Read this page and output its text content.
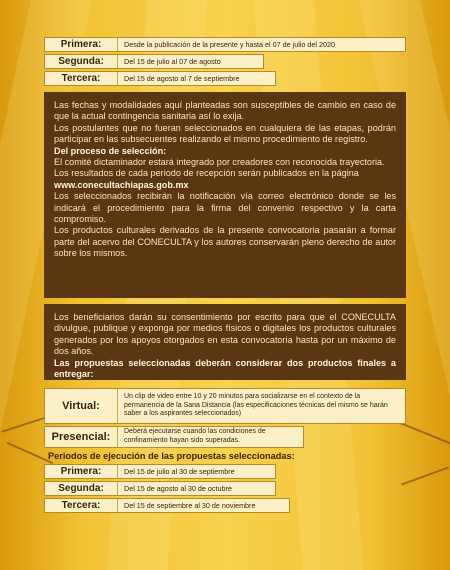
Primera:	Desde la publicación de la presente y hasta el 07 de julio del 2020
Segunda:	Del 15 de julio al 07 de agosto
Tercera:	Del 15 de agosto al 7 de septiembre

Las fechas y modalidades aquí planteadas son susceptibles de cambio en caso de que la actual contingencia sanitaria así lo exija.

Los postulantes que no fueran seleccionados en cualquiera de las etapas, podrán participar en las subsecuentes realizando el mismo procedimiento de registro.

Del proceso de selección:

El comité dictaminador estará integrado por creadores con reconocida trayectoria.

Los resultados de cada periodo de recepción serán publicados en la página

www.conecultachiapas.gob.mx

Los seleccionados recibirán la notificación vía correo electrónico donde se les indicará el procedimiento para la firma del convenio respectivo y la carta compromiso.

Los productos culturales derivados de la presente convocatoria pasarán a formar parte del acervo del CONECULTA y los autores conservarán pleno derecho de autor sobre los mismos.

Los beneficiarios darán su consentimiento por escrito para que el CONECULTA divulgue, publique y exponga por medios físicos o digitales los productos culturales generados por los apoyos otorgados en esta convocatoria hasta por un máximo de dos años.

Las propuestas seleccionadas deberán considerar dos productos finales a entregar:

Virtual:
Un clip de video entre 10 y 20 minutos para socializarse en el contexto de la permanencia de la Sana Distancia (las especificaciones técnicas del mismo se harán saber a los aspirantes seleccionados)
Presencial:	Deberá ejecutarse cuando las condiciones de confinamiento hayan sido superadas.
Periodos de ejecución de las propuestas seleccionadas:
Primera:	Del 15 de julio al 30 de septiembre
Segunda:	Del 15 de agosto al 30 de octubre
Tercera:	Del 15 de septiembre al 30 de noviembre
